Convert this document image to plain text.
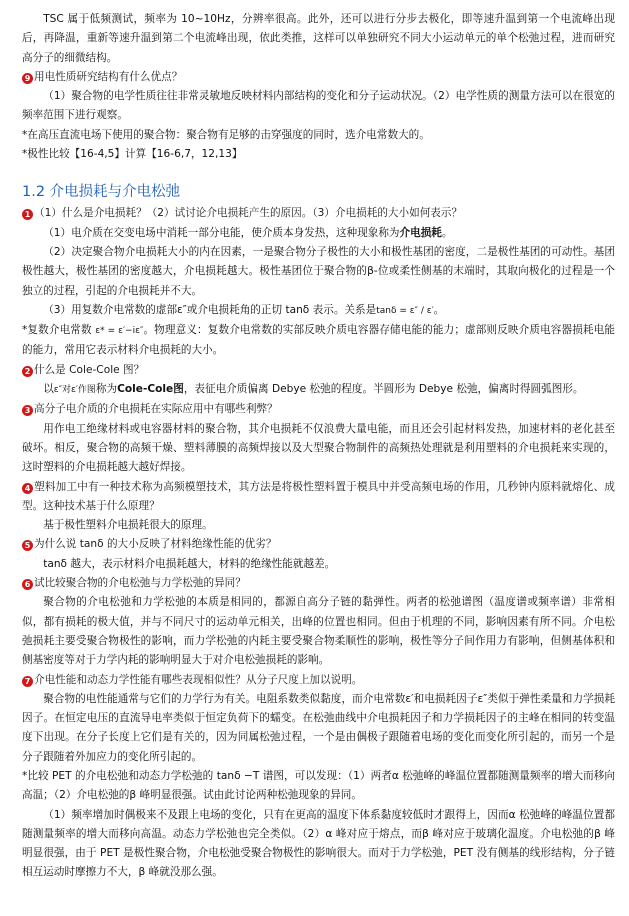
TSC 属于低频测试，频率为 10~10Hz，分辨率很高。此外，还可以进行分步去极化，即等速升温到第一个电流峰出现后，再降温，重新等速升温到第二个电流峰出现，依此类推，这样可以单独研究不同大小运动单元的单个松弛过程，进而研究高分子的细微结构。

9 用电性质研究结构有什么优点？

（1）聚合物的电学性质往往非常灵敏地反映材料内部结构的变化和分子运动状况。（2）电学性质的测量方法可以在很宽的频率范围下进行观察。

*在高压直流电场下使用的聚合物：聚合物有足够的击穿强度的同时，选介电常数大的。

*极性比较【16-4,5】计算【16-6,7，12,13】

1.2 介电损耗与介电松弛

1 （1）什么是介电损耗？（2）试讨论介电损耗产生的原因。（3）介电损耗的大小如何表示？

（1）电介质在交变电场中消耗一部分电能，使介质本身发热，这种现象称为介电损耗。

（2）决定聚合物介电损耗大小的内在因素，一是聚合物分子极性的大小和极性基团的密度，二是极性基团的可动性。基团极性越大，极性基团的密度越大，介电损耗越大。极性基团位于聚合物的β-位或柔性侧基的末端时，其取向极化的过程是一个独立的过程，引起的介电损耗并不大。

（3）用复数介电常数的虚部ε″或介电损耗角的正切 tanδ 表示。关系是tanδ = ε″ / ε′。

*复数介电常数 ε* = ε′−iε″。物理意义：复数介电常数的实部反映介质电容器存储电能的能力；虚部则反映介质电容器损耗电能的能力，常用它表示材料介电损耗的大小。

2 什么是 Cole-Cole 图？

以ε″对ε′作图称为Cole-Cole图，表征电介质偏离 Debye 松弛的程度。半圆形为 Debye 松弛，偏离时得圆弧图形。

3 高分子电介质的介电损耗在实际应用中有哪些利弊？

用作电工绝缘材料或电容器材料的聚合物，其介电损耗不仅浪费大量电能，而且还会引起材料发热，加速材料的老化甚至破坏。相反，聚合物的高频干燥、塑料薄膜的高频焊接以及大型聚合物制件的高频热处理就是利用塑料的介电损耗来实现的，这时塑料的介电损耗越大越好焊接。

4 塑料加工中有一种技术称为高频模塑技术，其方法是将极性塑料置于模具中并受高频电场的作用，几秒钟内原料就熔化、成型。这种技术基于什么原理？

基于极性塑料介电损耗很大的原理。

5 为什么说 tanδ 的大小反映了材料绝缘性能的优劣？

tanδ 越大，表示材料介电损耗越大，材料的绝缘性能就越差。

6 试比较聚合物的介电松弛与力学松弛的异同？

聚合物的介电松弛和力学松弛的本质是相同的，都源自高分子链的黏弹性。两者的松弛谱图（温度谱或频率谱）非常相似，都有损耗的极大值，并与不同尺寸的运动单元相关，出峰的位置也相同。但由于机理的不同，影响因素有所不同。介电松弛损耗主要受聚合物极性的影响，而力学松弛的内耗主要受聚合物柔顺性的影响，极性等分子间作用力有影响，但侧基体积和侧基密度等对于力学内耗的影响明显大于对介电松弛损耗的影响。

7 介电性能和动态力学性能有哪些表现相似性？从分子尺度上加以说明。

聚合物的电性能通常与它们的力学行为有关。电阻系数类似黏度，而介电常数ε′和电损耗因子ε″类似于弹性柔量和力学损耗因子。在恒定电压的直流导电率类似于恒定负荷下的蠕变。在松弛曲线中介电损耗因子和力学损耗因子的主峰在相同的转变温度下出现。在分子长度上它们是有关的，因为同属松弛过程，一个是由偶极子跟随着电场的变化而变化所引起的，而另一个是分子跟随着外加应力的变化所引起的。

*比较 PET 的介电松弛和动态力学松弛的 tanδ −T 谱图，可以发现：（1）两者α 松弛峰的峰温位置都随测量频率的增大而移向高温；（2）介电松弛的β 峰明显很强。试由此讨论两种松弛现象的异同。

（1）频率增加时偶极来不及跟上电场的变化，只有在更高的温度下体系黏度较低时才跟得上，因而α 松弛峰的峰温位置都随测量频率的增大而移向高温。动态力学松弛也完全类似。（2）α 峰对应于熔点，而β 峰对应于玻璃化温度。介电松弛的β 峰明显很强，由于 PET 是极性聚合物，介电松弛受聚合物极性的影响很大。而对于力学松弛，PET 没有侧基的线形结构，分子链相互运动时摩擦力不大，β 峰就没那么强。
